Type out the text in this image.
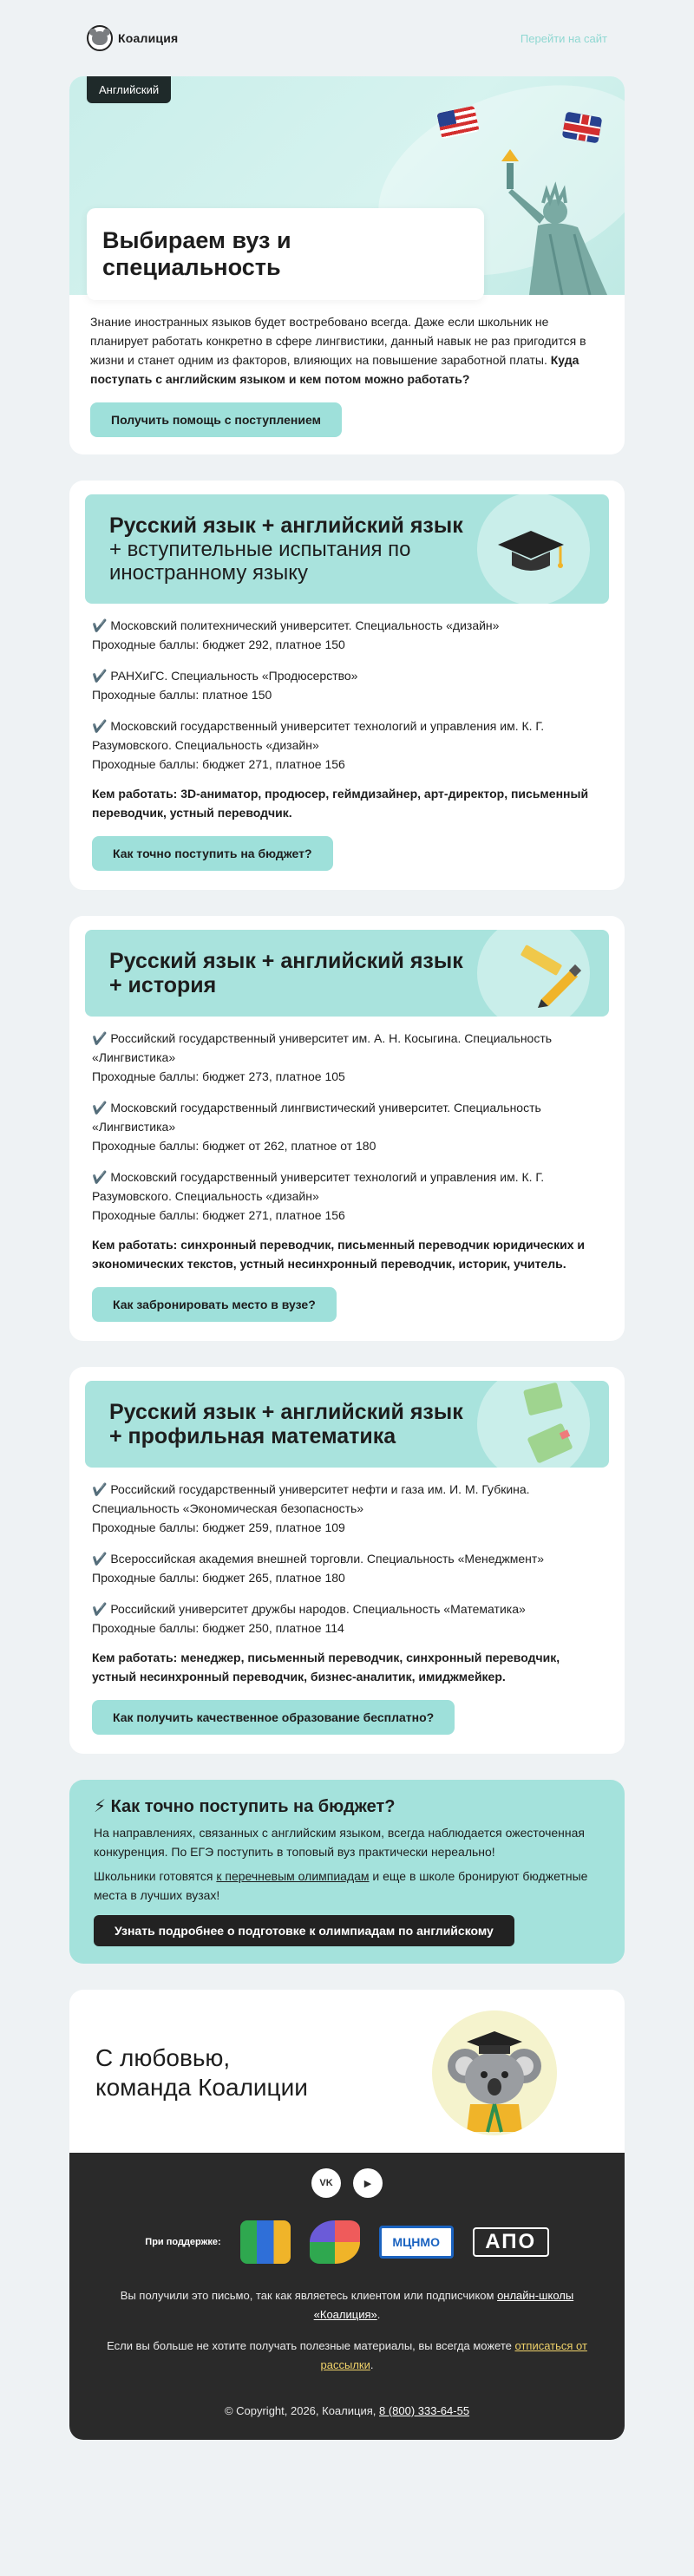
Коалиция	Перейти на сайт
Английский
Выбираем вуз и специальность

Знание иностранных языков будет востребовано всегда. Даже если школьник не планирует работать конкретно в сфере лингвистики, данный навык не раз пригодится в жизни и станет одним из факторов, влияющих на повышение заработной платы. Куда поступать с английским языком и кем потом можно работать?

Получить помощь с поступлением
Русский язык + английский язык
+ вступительные испытания по иностранному языку
✔️ Московский политехнический университет. Специальность «дизайн»
Проходные баллы: бюджет 292, платное 150
✔️ РАНХиГС. Специальность «Продюсерство»
Проходные баллы: платное 150
✔️ Московский государственный университет технологий и управления им. К. Г. Разумовского. Специальность «дизайн»
Проходные баллы: бюджет 271, платное 156
Кем работать: 3D-аниматор, продюсер, геймдизайнер, арт-директор, письменный переводчик, устный переводчик.
Как точно поступить на бюджет?
Русский язык + английский язык
+ история
✔️ Российский государственный университет им. А. Н. Косыгина. Специальность «Лингвистика»
Проходные баллы: бюджет 273, платное 105
✔️ Московский государственный лингвистический университет. Специальность «Лингвистика»
Проходные баллы: бюджет от 262, платное от 180
✔️ Московский государственный университет технологий и управления им. К. Г. Разумовского. Специальность «дизайн»
Проходные баллы: бюджет 271, платное 156
Кем работать: синхронный переводчик, письменный переводчик юридических и экономических текстов, устный несинхронный переводчик, историк, учитель.
Как забронировать место в вузе?
Русский язык + английский язык
+ профильная математика
✔️ Российский государственный университет нефти и газа им. И. М. Губкина. Специальность «Экономическая безопасность»
Проходные баллы: бюджет 259, платное 109
✔️ Всероссийская академия внешней торговли. Специальность «Менеджмент»
Проходные баллы: бюджет 265, платное 180
✔️ Российский университет дружбы народов. Специальность «Математика»
Проходные баллы: бюджет 250, платное 114
Кем работать: менеджер, письменный переводчик, синхронный переводчик, устный несинхронный переводчик, бизнес-аналитик, имиджмейкер.
Как получить качественное образование бесплатно?
⚡ Как точно поступить на бюджет?

На направлениях, связанных с английским языком, всегда наблюдается ожесточенная конкуренция. По ЕГЭ поступить в топовый вуз практически нереально!

Школьники готовятся к перечневым олимпиадам и еще в школе бронируют бюджетные места в лучших вузах!

Узнать подробнее о подготовке к олимпиадам по английскому
С любовью,
команда Коалиции
VK	▶
При поддержке:	МЦНМО	АПО

Вы получили это письмо, так как являетесь клиентом или подписчиком онлайн-школы «Коалиция».

Если вы больше не хотите получать полезные материалы, вы всегда можете отписаться от рассылки.

© Copyright, 2026, Коалиция, 8 (800) 333-64-55
